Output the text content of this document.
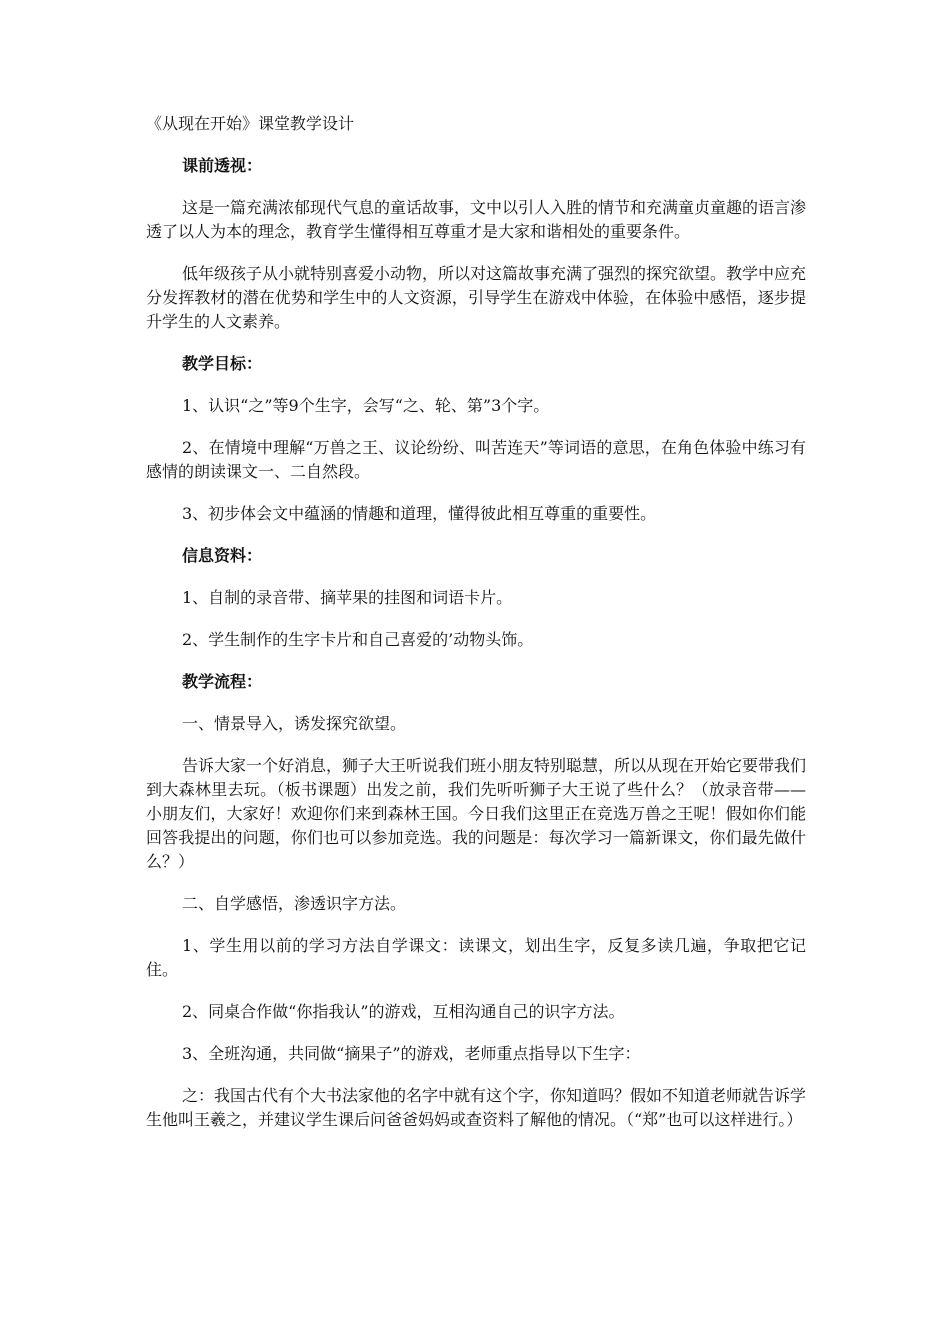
《从现在开始》课堂教学设计
课前透视：
这是一篇充满浓郁现代气息的童话故事，文中以引人入胜的情节和充满童贞童趣的语言渗透了以人为本的理念，教育学生懂得相互尊重才是大家和谐相处的重要条件。
低年级孩子从小就特别喜爱小动物，所以对这篇故事充满了强烈的探究欲望。教学中应充分发挥教材的潜在优势和学生中的人文资源，引导学生在游戏中体验，在体验中感悟，逐步提升学生的人文素养。
教学目标：
1、认识“之”等9个生字，会写“之、轮、第”3个字。
2、在情境中理解“万兽之王、议论纷纷、叫苦连天”等词语的意思，在角色体验中练习有感情的朗读课文一、二自然段。
3、初步体会文中蕴涵的情趣和道理，懂得彼此相互尊重的重要性。
信息资料：
1、自制的录音带、摘苹果的挂图和词语卡片。
2、学生制作的生字卡片和自己喜爱的’动物头饰。
教学流程：
一、情景导入，诱发探究欲望。
告诉大家一个好消息，狮子大王听说我们班小朋友特别聪慧，所以从现在开始它要带我们到大森林里去玩。（板书课题）出发之前，我们先听听狮子大王说了些什么？（放录音带——小朋友们，大家好！欢迎你们来到森林王国。今日我们这里正在竞选万兽之王呢！假如你们能回答我提出的问题，你们也可以参加竞选。我的问题是：每次学习一篇新课文，你们最先做什么？）
二、自学感悟，渗透识字方法。
1、学生用以前的学习方法自学课文：读课文，划出生字，反复多读几遍，争取把它记住。
2、同桌合作做“你指我认”的游戏，互相沟通自己的识字方法。
3、全班沟通，共同做“摘果子”的游戏，老师重点指导以下生字：
之：我国古代有个大书法家他的名字中就有这个字，你知道吗？假如不知道老师就告诉学生他叫王羲之，并建议学生课后问爸爸妈妈或查资料了解他的情况。（“郑”也可以这样进行。）
